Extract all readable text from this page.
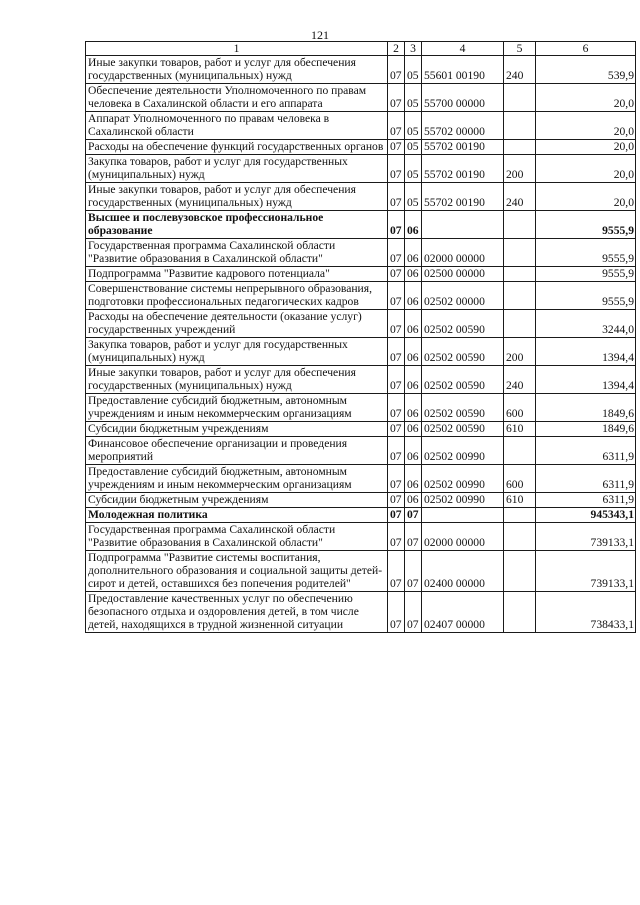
121
1	2	3	4	5	6
Иные закупки товаров, работ и услуг для обеспечения государственных (муниципальных) нужд	07	05	55601 00190	240	539,9
Обеспечение деятельности Уполномоченного по правам человека в Сахалинской области и его аппарата	07	05	55700 00000		20,0
Аппарат Уполномоченного по правам человека в Сахалинской области	07	05	55702 00000		20,0
Расходы на обеспечение функций государственных органов	07	05	55702 00190		20,0
Закупка товаров, работ и услуг для государственных (муниципальных) нужд	07	05	55702 00190	200	20,0
Иные закупки товаров, работ и услуг для обеспечения государственных (муниципальных) нужд	07	05	55702 00190	240	20,0
Высшее и послевузовское профессиональное образование	07	06			9555,9
Государственная программа Сахалинской области "Развитие образования в Сахалинской области"	07	06	02000 00000		9555,9
Подпрограмма "Развитие кадрового потенциала"	07	06	02500 00000		9555,9
Совершенствование системы непрерывного образования, подготовки профессиональных педагогических кадров	07	06	02502 00000		9555,9
Расходы на обеспечение деятельности (оказание услуг) государственных учреждений	07	06	02502 00590		3244,0
Закупка товаров, работ и услуг для государственных (муниципальных) нужд	07	06	02502 00590	200	1394,4
Иные закупки товаров, работ и услуг для обеспечения государственных (муниципальных) нужд	07	06	02502 00590	240	1394,4
Предоставление субсидий бюджетным, автономным учреждениям и иным некоммерческим организациям	07	06	02502 00590	600	1849,6
Субсидии бюджетным учреждениям	07	06	02502 00590	610	1849,6
Финансовое обеспечение организации и проведения мероприятий	07	06	02502 00990		6311,9
Предоставление субсидий бюджетным, автономным учреждениям и иным некоммерческим организациям	07	06	02502 00990	600	6311,9
Субсидии бюджетным учреждениям	07	06	02502 00990	610	6311,9
Молодежная политика	07	07			945343,1
Государственная программа Сахалинской области "Развитие образования в Сахалинской области"	07	07	02000 00000		739133,1
Подпрограмма "Развитие системы воспитания, дополнительного образования и социальной защиты детей-сирот и детей, оставшихся без попечения родителей"	07	07	02400 00000		739133,1
Предоставление качественных услуг по обеспечению безопасного отдыха и оздоровления детей, в том числе детей, находящихся в трудной жизненной ситуации	07	07	02407 00000		738433,1
